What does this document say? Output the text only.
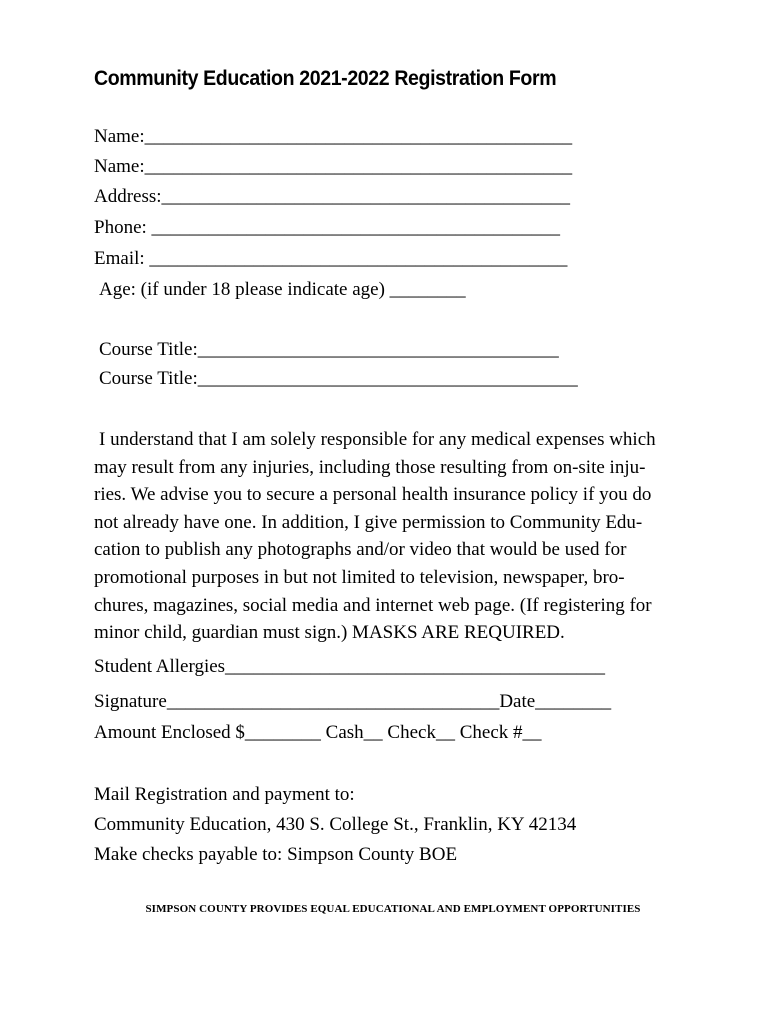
Community Education 2021-2022 Registration Form
Name:_____________________________________________
Name:_____________________________________________
Address:___________________________________________
Phone: ___________________________________________
Email: ____________________________________________
Age: (if under 18 please indicate age) ________
Course Title:______________________________________
Course Title:________________________________________
I understand that I am solely responsible for any medical expenses which
may result from any injuries, including those resulting from on-site inju-
ries. We advise you to secure a personal health insurance policy if you do
not already have one. In addition, I give permission to Community Edu-
cation to publish any photographs and/or video that would be used for
promotional purposes in but not limited to television, newspaper, bro-
chures, magazines, social media and internet web page. (If registering for
minor child, guardian must sign.) MASKS ARE REQUIRED.
Student Allergies________________________________________
Signature___________________________________Date________
Amount Enclosed $________ Cash__ Check__ Check #__
Mail Registration and payment to:
Community Education, 430 S. College St., Franklin, KY 42134
Make checks payable to: Simpson County BOE
SIMPSON COUNTY PROVIDES EQUAL EDUCATIONAL AND EMPLOYMENT OPPORTUNITIES
